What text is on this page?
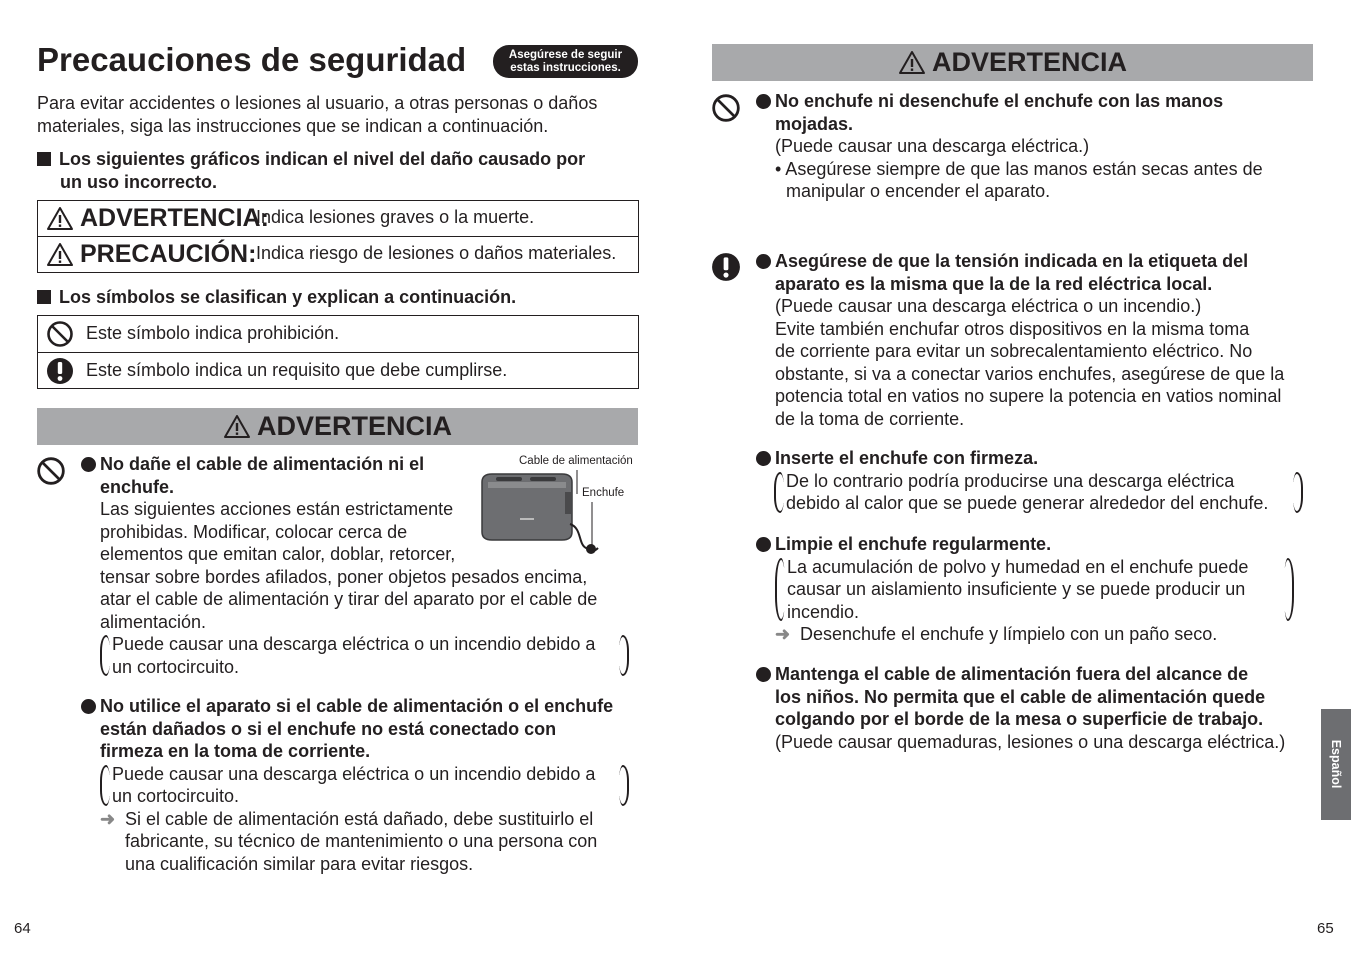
Precauciones de seguridad	Asegúrese de seguir
estas instrucciones.
Para evitar accidentes o lesiones al usuario, a otras personas o daños
materiales, siga las instrucciones que se indican a continuación.
Los siguientes gráficos indican el nivel del daño causado por
un uso incorrecto.
ADVERTENCIA:
Indica lesiones graves o la muerte.
PRECAUCIÓN: Indica riesgo de lesiones o daños materiales.
Los símbolos se clasifican y explican a continuación.
Este símbolo indica prohibición.
Este símbolo indica un requisito que debe cumplirse.
ADVERTENCIA
No dañe el cable de alimentación ni el
enchufe.
Las siguientes acciones están estrictamente
prohibidas. Modificar, colocar cerca de
elementos que emitan calor, doblar, retorcer,
tensar sobre bordes afilados, poner objetos pesados encima,
atar el cable de alimentación y tirar del aparato por el cable de
alimentación.
Puede causar una descarga eléctrica o un incendio debido a
un cortocircuito.
Cable de alimentación
Enchufe
No utilice el aparato si el cable de alimentación o el enchufe
están dañados o si el enchufe no está conectado con
firmeza en la toma de corriente.
Puede causar una descarga eléctrica o un incendio debido a
un cortocircuito.
➜ Si el cable de alimentación está dañado, debe sustituirlo el
fabricante, su técnico de mantenimiento o una persona con
una cualificación similar para evitar riesgos.
64
ADVERTENCIA
No enchufe ni desenchufe el enchufe con las manos
mojadas.
(Puede causar una descarga eléctrica.)
• Asegúrese siempre de que las manos están secas antes de
manipular o encender el aparato.
Asegúrese de que la tensión indicada en la etiqueta del
aparato es la misma que la de la red eléctrica local.
(Puede causar una descarga eléctrica o un incendio.)
Evite también enchufar otros dispositivos en la misma toma
de corriente para evitar un sobrecalentamiento eléctrico. No
obstante, si va a conectar varios enchufes, asegúrese de que la
potencia total en vatios no supere la potencia en vatios nominal
de la toma de corriente.
Inserte el enchufe con firmeza.
De lo contrario podría producirse una descarga eléctrica
debido al calor que se puede generar alrededor del enchufe.
Limpie el enchufe regularmente.
La acumulación de polvo y humedad en el enchufe puede
causar un aislamiento insuficiente y se puede producir un
incendio.
➜ Desenchufe el enchufe y límpielo con un paño seco.
Mantenga el cable de alimentación fuera del alcance de
los niños. No permita que el cable de alimentación quede
colgando por el borde de la mesa o superficie de trabajo.
(Puede causar quemaduras, lesiones o una descarga eléctrica.)	Español
65
